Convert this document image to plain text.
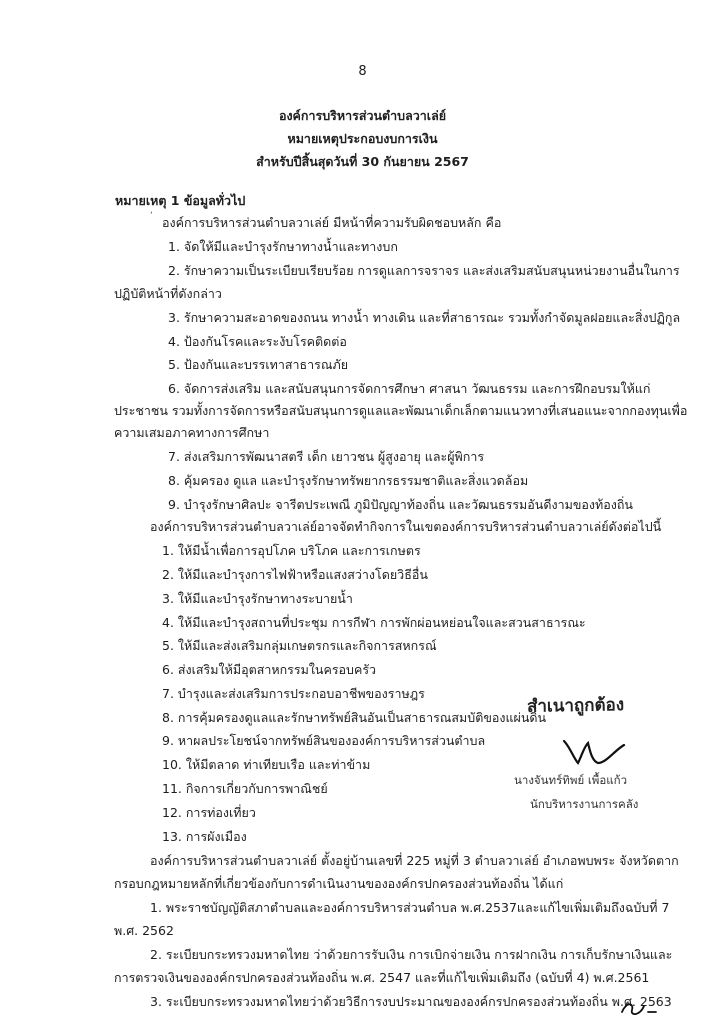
8
องค์การบริหารส่วนตำบลวาเล่ย์
หมายเหตุประกอบงบการเงิน
สำหรับปีสิ้นสุดวันที่ 30 กันยายน 2567
หมายเหตุ 1 ข้อมูลทั่วไป
‘ องค์การบริหารส่วนตำบลวาเล่ย์ มีหน้าที่ความรับผิดชอบหลัก คือ
1. จัดให้มีและบำรุงรักษาทางน้ำและทางบก
2. รักษาความเป็นระเบียบเรียบร้อย การดูแลการจราจร และส่งเสริมสนับสนุนหน่วยงานอื่นในการ
ปฏิบัติหน้าที่ดังกล่าว
3. รักษาความสะอาดของถนน ทางน้ำ ทางเดิน และที่สาธารณะ รวมทั้งกำจัดมูลฝอยและสิ่งปฏิกูล
4. ป้องกันโรคและระงับโรคติดต่อ
5. ป้องกันและบรรเทาสาธารณภัย
6. จัดการส่งเสริม และสนับสนุนการจัดการศึกษา ศาสนา วัฒนธรรม และการฝึกอบรมให้แก่
ประชาชน รวมทั้งการจัดการหรือสนับสนุนการดูแลและพัฒนาเด็กเล็กตามแนวทางที่เสนอแนะจากกองทุนเพื่อ
ความเสมอภาคทางการศึกษา
7. ส่งเสริมการพัฒนาสตรี เด็ก เยาวชน ผู้สูงอายุ และผู้พิการ
8. คุ้มครอง ดูแล และบำรุงรักษาทรัพยากรธรรมชาติและสิ่งแวดล้อม
9. บำรุงรักษาศิลปะ จารีตประเพณี ภูมิปัญญาท้องถิ่น และวัฒนธรรมอันดีงามของท้องถิ่น
องค์การบริหารส่วนตำบลวาเล่ย์อาจจัดทำกิจการในเขตองค์การบริหารส่วนตำบลวาเล่ย์ดังต่อไปนี้
1. ให้มีน้ำเพื่อการอุปโภค บริโภค และการเกษตร
2. ให้มีและบำรุงการไฟฟ้าหรือแสงสว่างโดยวิธีอื่น
3. ให้มีและบำรุงรักษาทางระบายน้ำ
4. ให้มีและบำรุงสถานที่ประชุม การกีฬา การพักผ่อนหย่อนใจและสวนสาธารณะ
5. ให้มีและส่งเสริมกลุ่มเกษตรกรและกิจการสหกรณ์
6. ส่งเสริมให้มีอุตสาหกรรมในครอบครัว
7. บำรุงและส่งเสริมการประกอบอาชีพของราษฎร
8. การคุ้มครองดูแลและรักษาทรัพย์สินอันเป็นสาธารณสมบัติของแผ่นดิน
9. หาผลประโยชน์จากทรัพย์สินขององค์การบริหารส่วนตำบล
10. ให้มีตลาด ท่าเทียบเรือ และท่าข้าม
11. กิจการเกี่ยวกับการพาณิชย์
12. การท่องเที่ยว
13. การผังเมือง
สำเนาถูกต้อง
นางจันทร์ทิพย์ เพื้อแก้ว
นักบริหารงานการคลัง
องค์การบริหารส่วนตำบลวาเล่ย์ ตั้งอยู่บ้านเลขที่ 225 หมู่ที่ 3 ตำบลวาเล่ย์ อำเภอพบพระ จังหวัดตาก
กรอบกฎหมายหลักที่เกี่ยวข้องกับการดำเนินงานขององค์กรปกครองส่วนท้องถิ่น ได้แก่
1. พระราชบัญญัติสภาตำบลและองค์การบริหารส่วนตำบล พ.ศ.2537และแก้ไขเพิ่มเติมถึงฉบับที่ 7
พ.ศ. 2562
2. ระเบียบกระทรวงมหาดไทย ว่าด้วยการรับเงิน การเบิกจ่ายเงิน การฝากเงิน การเก็บรักษาเงินและ
การตรวจเงินขององค์กรปกครองส่วนท้องถิ่น พ.ศ. 2547 และที่แก้ไขเพิ่มเติมถึง (ฉบับที่ 4) พ.ศ.2561
3. ระเบียบกระทรวงมหาดไทยว่าด้วยวิธีการงบประมาณขององค์กรปกครองส่วนท้องถิ่น พ.ศ. 2563
